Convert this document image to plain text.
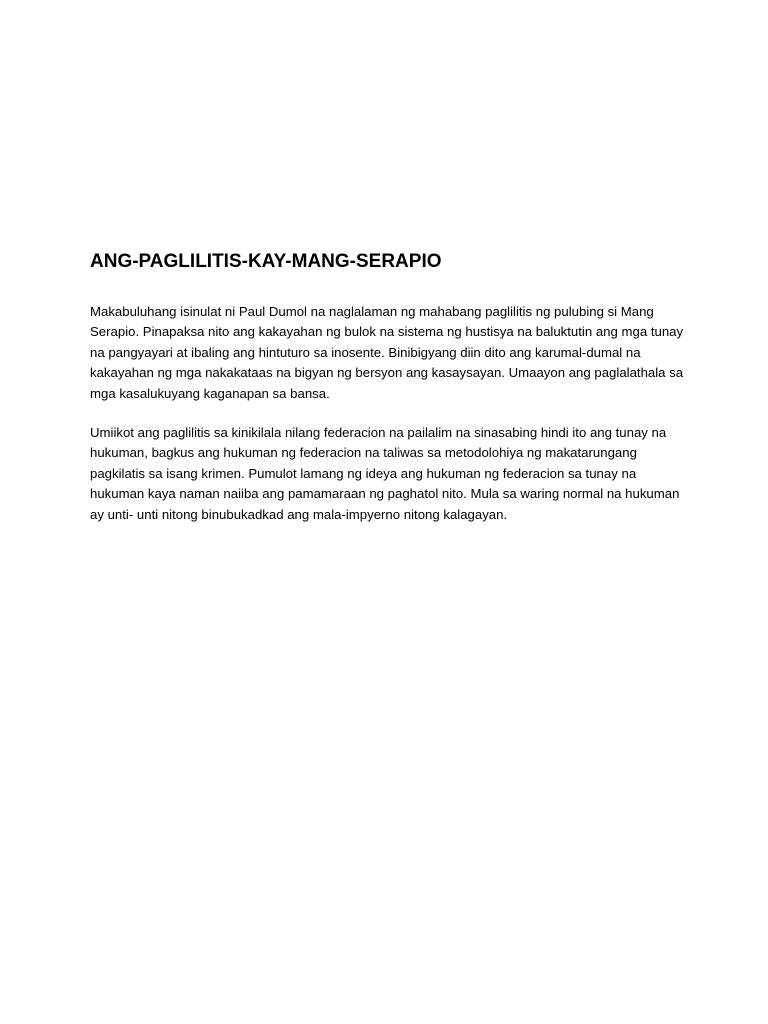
ANG-PAGLILITIS-KAY-MANG-SERAPIO

Makabuluhang isinulat ni Paul Dumol na naglalaman ng mahabang paglilitis ng pulubing si Mang Serapio. Pinapaksa nito ang kakayahan ng bulok na sistema ng hustisya na baluktutin ang mga tunay na pangyayari at ibaling ang hintuturo sa inosente. Binibigyang diin dito ang karumal-dumal na kakayahan ng mga nakakataas na bigyan ng bersyon ang kasaysayan. Umaayon ang paglalathala sa mga kasalukuyang kaganapan sa bansa.

Umiikot ang paglilitis sa kinikilala nilang federacion na pailalim na sinasabing hindi ito ang tunay na hukuman, bagkus ang hukuman ng federacion na taliwas sa metodolohiya ng makatarungang pagkilatis sa isang krimen. Pumulot lamang ng ideya ang hukuman ng federacion sa tunay na hukuman kaya naman naiiba ang pamamaraan ng paghatol nito. Mula sa waring normal na hukuman ay unti- unti nitong binubukadkad ang mala-impyerno nitong kalagayan.
